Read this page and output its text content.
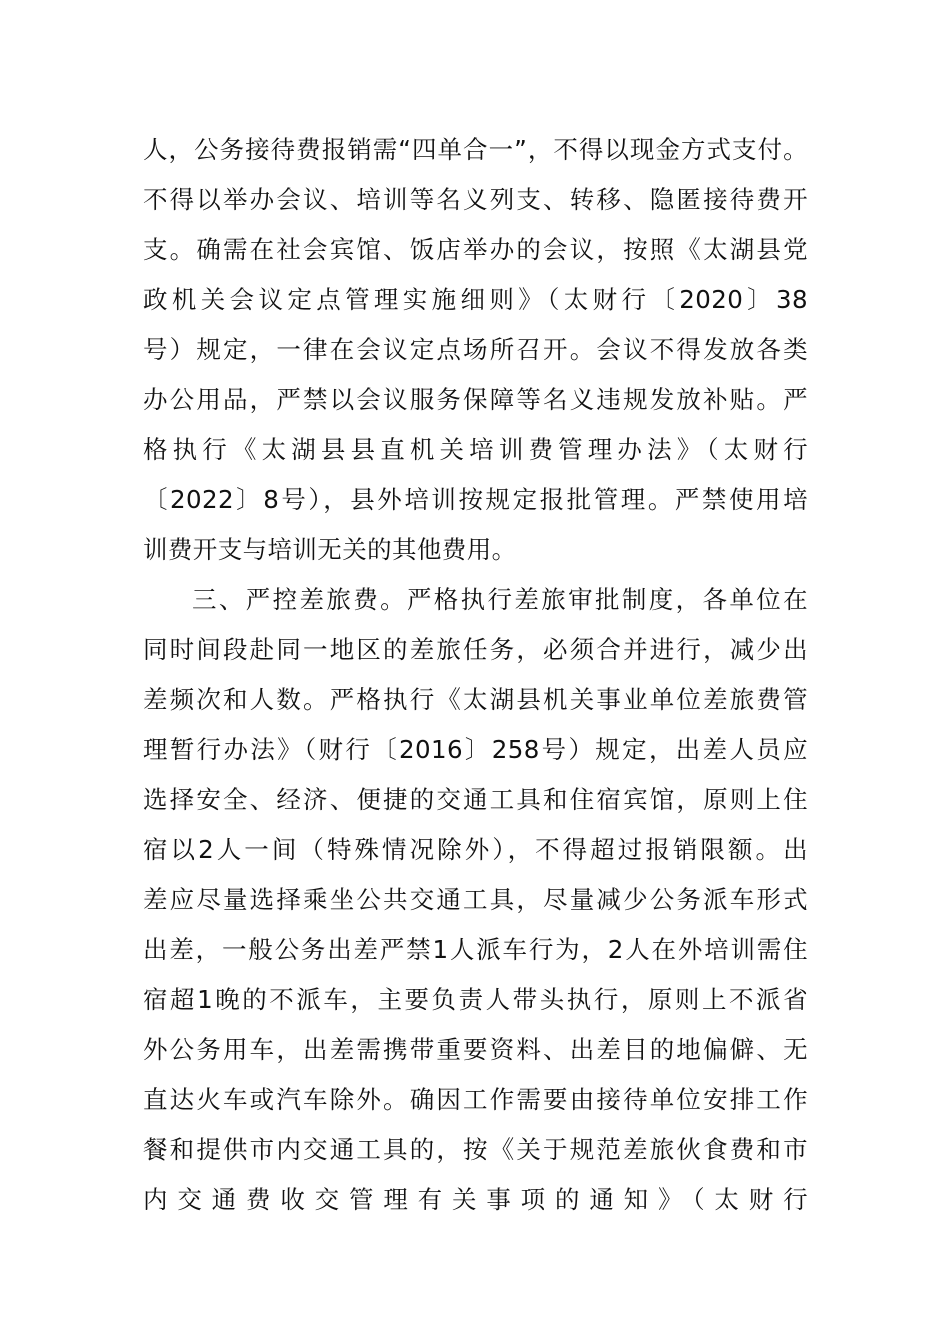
人，公务接待费报销需“四单合一”，不得以现金方式支付。
不得以举办会议、培训等名义列支、转移、隐匿接待费开
支。确需在社会宾馆、饭店举办的会议，按照《太湖县党
政机关会议定点管理实施细则》（太财行〔2020〕38
号）规定，一律在会议定点场所召开。会议不得发放各类
办公用品，严禁以会议服务保障等名义违规发放补贴。严
格执行《太湖县县直机关培训费管理办法》（太财行
〔2022〕8号），县外培训按规定报批管理。严禁使用培
训费开支与培训无关的其他费用。
三、严控差旅费。严格执行差旅审批制度，各单位在
同时间段赴同一地区的差旅任务，必须合并进行，减少出
差频次和人数。严格执行《太湖县机关事业单位差旅费管
理暂行办法》（财行〔2016〕258号）规定，出差人员应
选择安全、经济、便捷的交通工具和住宿宾馆，原则上住
宿以2人一间（特殊情况除外），不得超过报销限额。出
差应尽量选择乘坐公共交通工具，尽量减少公务派车形式
出差，一般公务出差严禁1人派车行为，2人在外培训需住
宿超1晚的不派车，主要负责人带头执行，原则上不派省
外公务用车，出差需携带重要资料、出差目的地偏僻、无
直达火车或汽车除外。确因工作需要由接待单位安排工作
餐和提供市内交通工具的，按《关于规范差旅伙食费和市
内交通费收交管理有关事项的通知》（太财行
